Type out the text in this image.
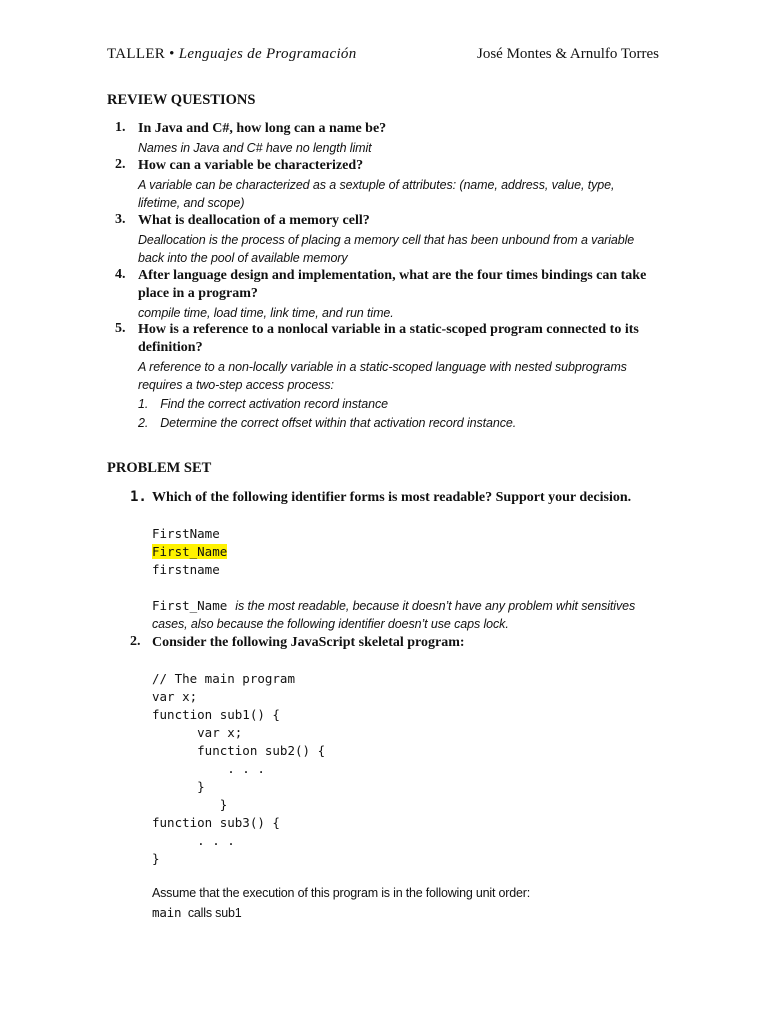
TALLER • Lenguajes de Programación	José Montes & Arnulfo Torres
REVIEW QUESTIONS
1. In Java and C#, how long can a name be?
Names in Java and C# have no length limit
2. How can a variable be characterized?
A variable can be characterized as a sextuple of attributes: (name, address, value, type, lifetime, and scope)
3. What is deallocation of a memory cell?
Deallocation is the process of placing a memory cell that has been unbound from a variable back into the pool of available memory
4. After language design and implementation, what are the four times bindings can take place in a program?
compile time, load time, link time, and run time.
5. How is a reference to a nonlocal variable in a static-scoped program connected to its definition?
A reference to a non-locally variable in a static-scoped language with nested subprograms requires a two-step access process:
1. Find the correct activation record instance
2. Determine the correct offset within that activation record instance.
PROBLEM SET
1. Which of the following identifier forms is most readable? Support your decision.
FirstName
First_Name
firstname
First_Name is the most readable, because it doesn’t have any problem whit sensitives cases, also because the following identifier doesn’t use caps lock.
2. Consider the following JavaScript skeletal program:
// The main program
var x;
function sub1() {
var x;
function sub2() {
. . .
}
}
function sub3() {
. . .
}
Assume that the execution of this program is in the following unit order:
main calls sub1
